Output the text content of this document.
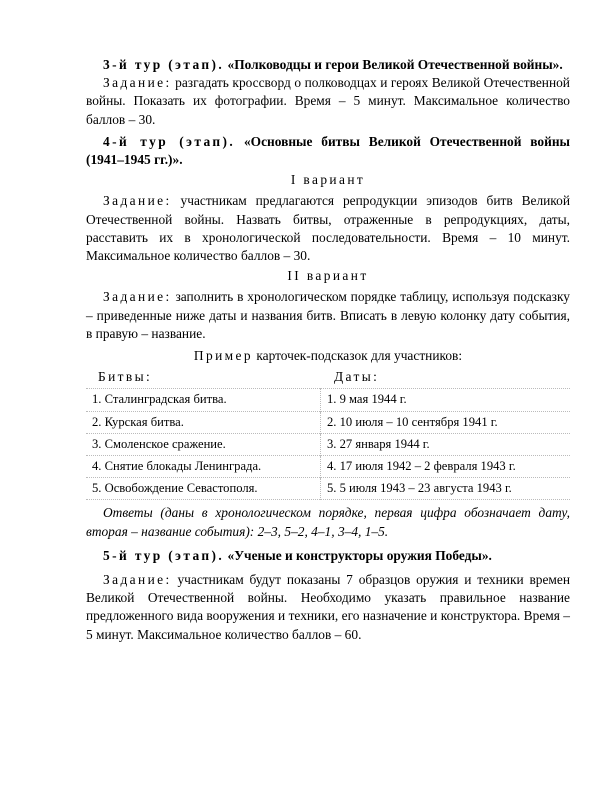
3-й тур (этап). «Полководцы и герои Великой Отечественной войны».

Задание: разгадать кроссворд о полководцах и героях Великой Отечественной войны. Показать их фотографии. Время – 5 минут. Максимальное количество баллов – 30.

4-й тур (этап). «Основные битвы Великой Отечественной войны (1941–1945 гг.)».

I вариант

Задание: участникам предлагаются репродукции эпизодов битв Великой Отечественной войны. Назвать битвы, отраженные в репродукциях, даты, расставить их в хронологической последовательности. Время – 10 минут. Максимальное количество баллов – 30.

II вариант

Задание: заполнить в хронологическом порядке таблицу, используя подсказку – приведенные ниже даты и названия битв. Вписать в левую колонку дату события, в правую – название.

Пример карточек-подсказок для участников:
Битвы:	Даты:
1. Сталинградская битва.	1. 9 мая 1944 г.
2. Курская битва.	2. 10 июля – 10 сентября 1941 г.
3. Смоленское сражение.	3. 27 января 1944 г.
4. Снятие блокады Ленинграда.	4. 17 июля 1942 – 2 февраля 1943 г.
5. Освобождение Севастополя.	5. 5 июля 1943 – 23 августа 1943 г.

Ответы (даны в хронологическом порядке, первая цифра обозначает дату, вторая – название события): 2–3, 5–2, 4–1, 3–4, 1–5.

5-й тур (этап). «Ученые и конструкторы оружия Победы».

Задание: участникам будут показаны 7 образцов оружия и техники времен Великой Отечественной войны. Необходимо указать правильное название предложенного вида вооружения и техники, его назначение и конструктора. Время – 5 минут. Максимальное количество баллов – 60.
